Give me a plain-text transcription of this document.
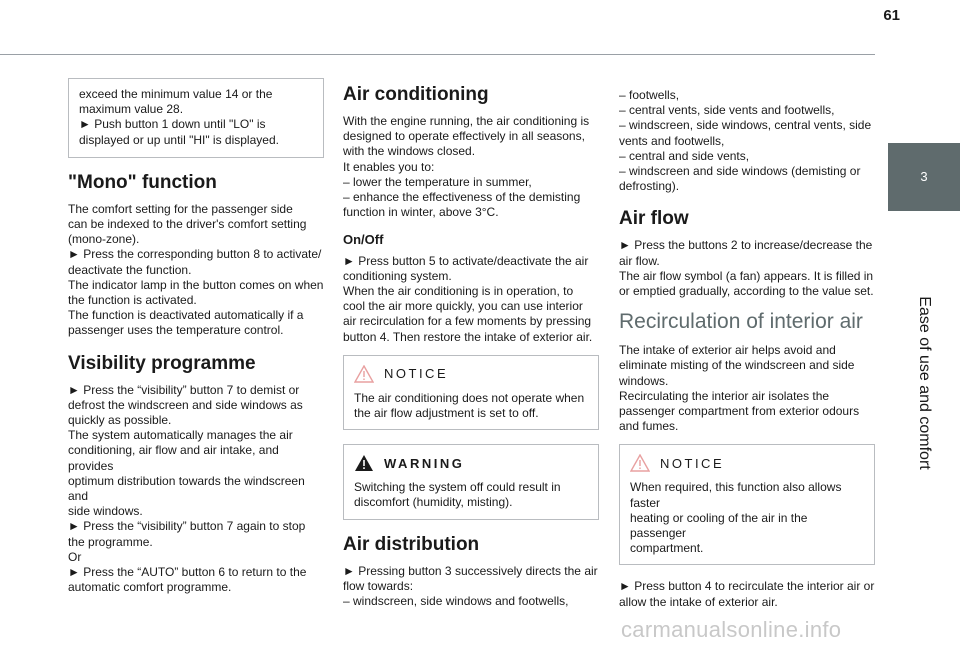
61
3
Ease of use and comfort

exceed the minimum value 14 or the
maximum value 28.
► Push button 1 down until "LO" is
displayed or up until "HI" is displayed.

"Mono" function
The comfort setting for the passenger side
can be indexed to the driver's comfort setting
(mono-zone).
► Press the corresponding button 8 to activate/
deactivate the function.
The indicator lamp in the button comes on when
the function is activated.
The function is deactivated automatically if a
passenger uses the temperature control.
Visibility programme
► Press the “visibility” button 7 to demist or
defrost the windscreen and side windows as
quickly as possible.
The system automatically manages the air
conditioning, air flow and air intake, and provides
optimum distribution towards the windscreen and
side windows.
► Press the “visibility” button 7 again to stop
the programme.
Or
► Press the “AUTO” button 6 to return to the
automatic comfort programme.
Air conditioning
With the engine running, the air conditioning is
designed to operate effectively in all seasons,
with the windows closed.
It enables you to:
– lower the temperature in summer,
– enhance the effectiveness of the demisting
function in winter, above 3°C.
On/Off
► Press button 5 to activate/deactivate the air
conditioning system.
When the air conditioning is in operation, to
cool the air more quickly, you can use interior
air recirculation for a few moments by pressing
button 4. Then restore the intake of exterior air.
NOTICE

The air conditioning does not operate when
the air flow adjustment is set to off.

WARNING

Switching the system off could result in
discomfort (humidity, misting).

Air distribution
► Pressing button 3 successively directs the air
flow towards:
– windscreen, side windows and footwells,
– footwells,
– central vents, side vents and footwells,
– windscreen, side windows, central vents, side
vents and footwells,
– central and side vents,
– windscreen and side windows (demisting or
defrosting).
Air flow
► Press the buttons 2 to increase/decrease the
air flow.
The air flow symbol (a fan) appears. It is filled in
or emptied gradually, according to the value set.
Recirculation of interior air
The intake of exterior air helps avoid and
eliminate misting of the windscreen and side
windows.
Recirculating the interior air isolates the
passenger compartment from exterior odours
and fumes.
NOTICE

When required, this function also allows faster
heating or cooling of the air in the passenger
compartment.

► Press button 4 to recirculate the interior air or
allow the intake of exterior air.
carmanualsonline.info
